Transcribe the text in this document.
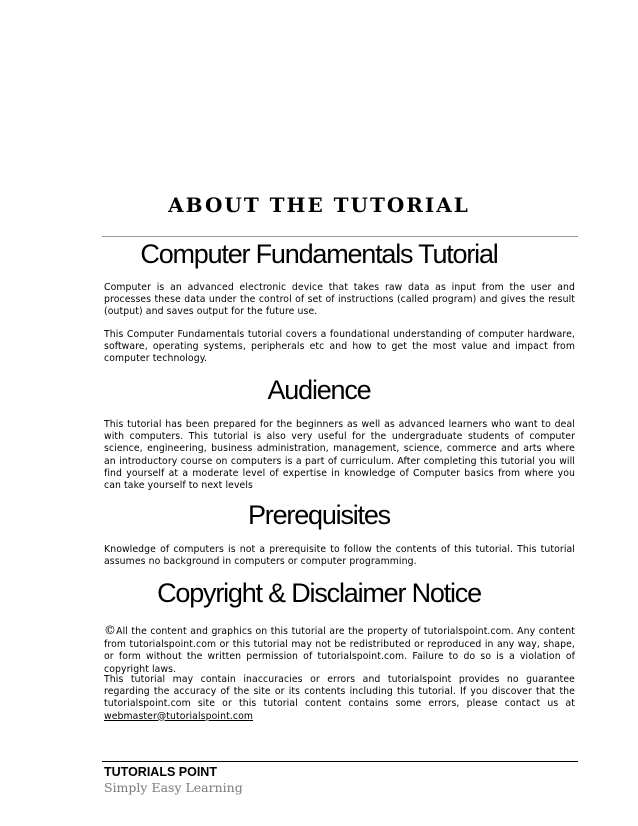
ABOUT THE TUTORIAL
Computer Fundamentals Tutorial

Computer is an advanced electronic device that takes raw data as input from the user and processes these data under the control of set of instructions (called program) and gives the result (output) and saves output for the future use.

This Computer Fundamentals tutorial covers a foundational understanding of computer hardware, software, operating systems, peripherals etc and how to get the most value and impact from computer technology.

Audience

This tutorial has been prepared for the beginners as well as advanced learners who want to deal with computers. This tutorial is also very useful for the undergraduate students of computer science, engineering, business administration, management, science, commerce and arts where an introductory course on computers is a part of curriculum. After completing this tutorial you will find yourself at a moderate level of expertise in knowledge of Computer basics from where you can take yourself to next levels

Prerequisites

Knowledge of computers is not a prerequisite to follow the contents of this tutorial. This tutorial assumes no background in computers or computer programming.

Copyright & Disclaimer Notice

©All the content and graphics on this tutorial are the property of tutorialspoint.com. Any content from tutorialspoint.com or this tutorial may not be redistributed or reproduced in any way, shape, or form without the written permission of tutorialspoint.com. Failure to do so is a violation of copyright laws.

This tutorial may contain inaccuracies or errors and tutorialspoint provides no guarantee regarding the accuracy of the site or its contents including this tutorial. If you discover that the tutorialspoint.com site or this tutorial content contains some errors, please contact us at webmaster@tutorialspoint.com

TUTORIALS POINT
Simply Easy Learning
